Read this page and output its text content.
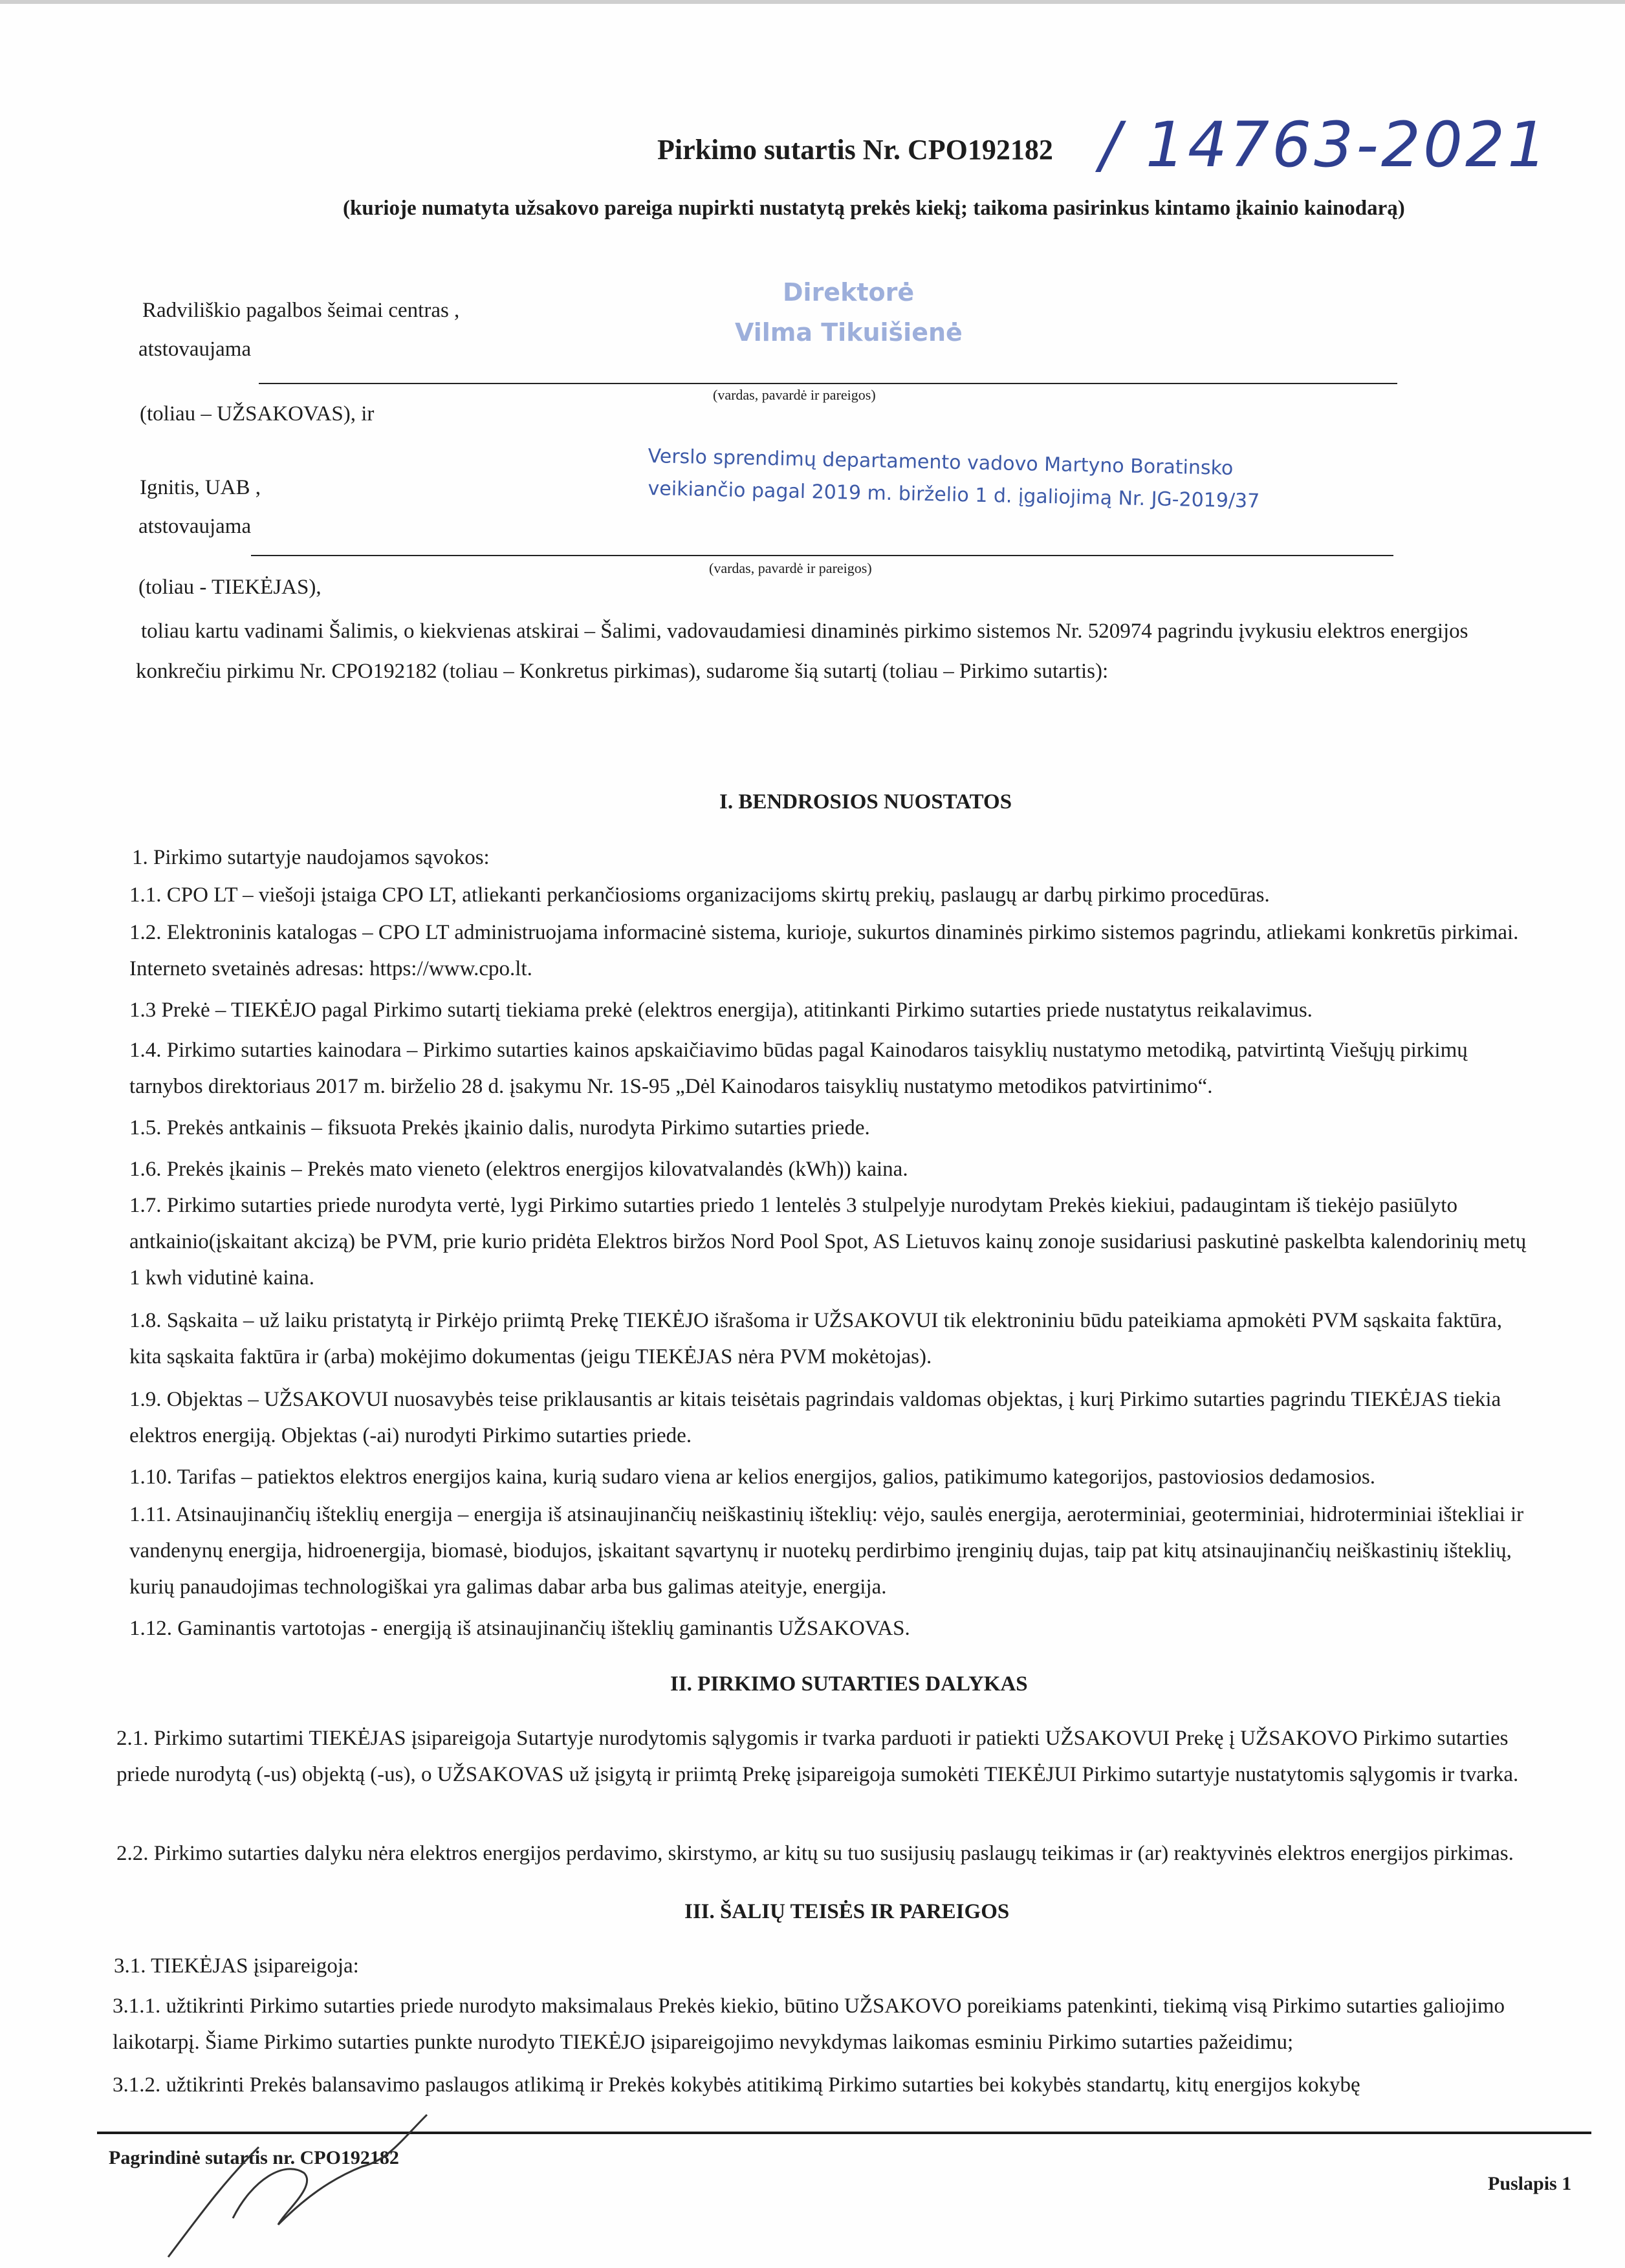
Pirkimo sutartis Nr. CPO192182 / 14763-2021
(kurioje numatyta užsakovo pareiga nupirkti nustatytą prekės kiekį; taikoma pasirinkus kintamo įkainio kainodarą)
Radviliškio pagalbos šeimai centras ,
Direktorė
Vilma Tikuišienė
atstovaujama
(vardas, pavardė ir pareigos)
(toliau – UŽSAKOVAS), ir
Verslo sprendimų departamento vadovo Martyno Boratinsko
veikiančio pagal 2019 m. birželio 1 d. įgaliojimą Nr. JG-2019/37
Ignitis, UAB ,
atstovaujama
(vardas, pavardė ir pareigos)
(toliau - TIEKĖJAS),
toliau kartu vadinami Šalimis, o kiekvienas atskirai – Šalimi, vadovaudamiesi dinaminės pirkimo sistemos Nr. 520974 pagrindu įvykusiu elektros energijos
konkrečiu pirkimu Nr. CPO192182 (toliau – Konkretus pirkimas), sudarome šią sutartį (toliau – Pirkimo sutartis):
I. BENDROSIOS NUOSTATOS
1. Pirkimo sutartyje naudojamos sąvokos:
1.1. CPO LT – viešoji įstaiga CPO LT, atliekanti perkančiosioms organizacijoms skirtų prekių, paslaugų ar darbų pirkimo procedūras.
1.2. Elektroninis katalogas – CPO LT administruojama informacinė sistema, kurioje, sukurtos dinaminės pirkimo sistemos pagrindu, atliekami konkretūs pirkimai. Interneto svetainės adresas: https://www.cpo.lt.
1.3 Prekė – TIEKĖJO pagal Pirkimo sutartį tiekiama prekė (elektros energija), atitinkanti Pirkimo sutarties priede nustatytus reikalavimus.
1.4. Pirkimo sutarties kainodara – Pirkimo sutarties kainos apskaičiavimo būdas pagal Kainodaros taisyklių nustatymo metodiką, patvirtintą Viešųjų pirkimų tarnybos direktoriaus 2017 m. birželio 28 d. įsakymu Nr. 1S-95 „Dėl Kainodaros taisyklių nustatymo metodikos patvirtinimo“.
1.5. Prekės antkainis – fiksuota Prekės įkainio dalis, nurodyta Pirkimo sutarties priede.
1.6. Prekės įkainis – Prekės mato vieneto (elektros energijos kilovatvalandės (kWh)) kaina.
1.7. Pirkimo sutarties priede nurodyta vertė, lygi Pirkimo sutarties priedo 1 lentelės 3 stulpelyje nurodytam Prekės kiekiui, padaugintam iš tiekėjo pasiūlyto antkainio(įskaitant akcizą) be PVM, prie kurio pridėta Elektros biržos Nord Pool Spot, AS Lietuvos kainų zonoje susidariusi paskutinė paskelbta kalendorinių metų 1 kwh vidutinė kaina.
1.8. Sąskaita – už laiku pristatytą ir Pirkėjo priimtą Prekę TIEKĖJO išrašoma ir UŽSAKOVUI tik elektroniniu būdu pateikiama apmokėti PVM sąskaita faktūra, kita sąskaita faktūra ir (arba) mokėjimo dokumentas (jeigu TIEKĖJAS nėra PVM mokėtojas).
1.9. Objektas – UŽSAKOVUI nuosavybės teise priklausantis ar kitais teisėtais pagrindais valdomas objektas, į kurį Pirkimo sutarties pagrindu TIEKĖJAS tiekia elektros energiją. Objektas (-ai) nurodyti Pirkimo sutarties priede.
1.10. Tarifas – patiektos elektros energijos kaina, kurią sudaro viena ar kelios energijos, galios, patikimumo kategorijos, pastoviosios dedamosios.
1.11. Atsinaujinančių išteklių energija – energija iš atsinaujinančių neiškastinių išteklių: vėjo, saulės energija, aeroterminiai, geoterminiai, hidroterminiai ištekliai ir vandenynų energija, hidroenergija, biomasė, biodujos, įskaitant sąvartynų ir nuotekų perdirbimo įrenginių dujas, taip pat kitų atsinaujinančių neiškastinių išteklių, kurių panaudojimas technologiškai yra galimas dabar arba bus galimas ateityje, energija.
1.12. Gaminantis vartotojas - energiją iš atsinaujinančių išteklių gaminantis UŽSAKOVAS.
II. PIRKIMO SUTARTIES DALYKAS
2.1. Pirkimo sutartimi TIEKĖJAS įsipareigoja Sutartyje nurodytomis sąlygomis ir tvarka parduoti ir patiekti UŽSAKOVUI Prekę į UŽSAKOVO Pirkimo sutarties priede nurodytą (-us) objektą (-us), o UŽSAKOVAS už įsigytą ir priimtą Prekę įsipareigoja sumokėti TIEKĖJUI Pirkimo sutartyje nustatytomis sąlygomis ir tvarka.
2.2. Pirkimo sutarties dalyku nėra elektros energijos perdavimo, skirstymo, ar kitų su tuo susijusių paslaugų teikimas ir (ar) reaktyvinės elektros energijos pirkimas.
III. ŠALIŲ TEISĖS IR PAREIGOS
3.1. TIEKĖJAS įsipareigoja:
3.1.1. užtikrinti Pirkimo sutarties priede nurodyto maksimalaus Prekės kiekio, būtino UŽSAKOVO poreikiams patenkinti, tiekimą visą Pirkimo sutarties galiojimo laikotarpį. Šiame Pirkimo sutarties punkte nurodyto TIEKĖJO įsipareigojimo nevykdymas laikomas esminiu Pirkimo sutarties pažeidimu;
3.1.2. užtikrinti Prekės balansavimo paslaugos atlikimą ir Prekės kokybės atitikimą Pirkimo sutarties bei kokybės standartų, kitų energijos kokybę
Pagrindinė sutartis nr. CPO192182
Puslapis 1
